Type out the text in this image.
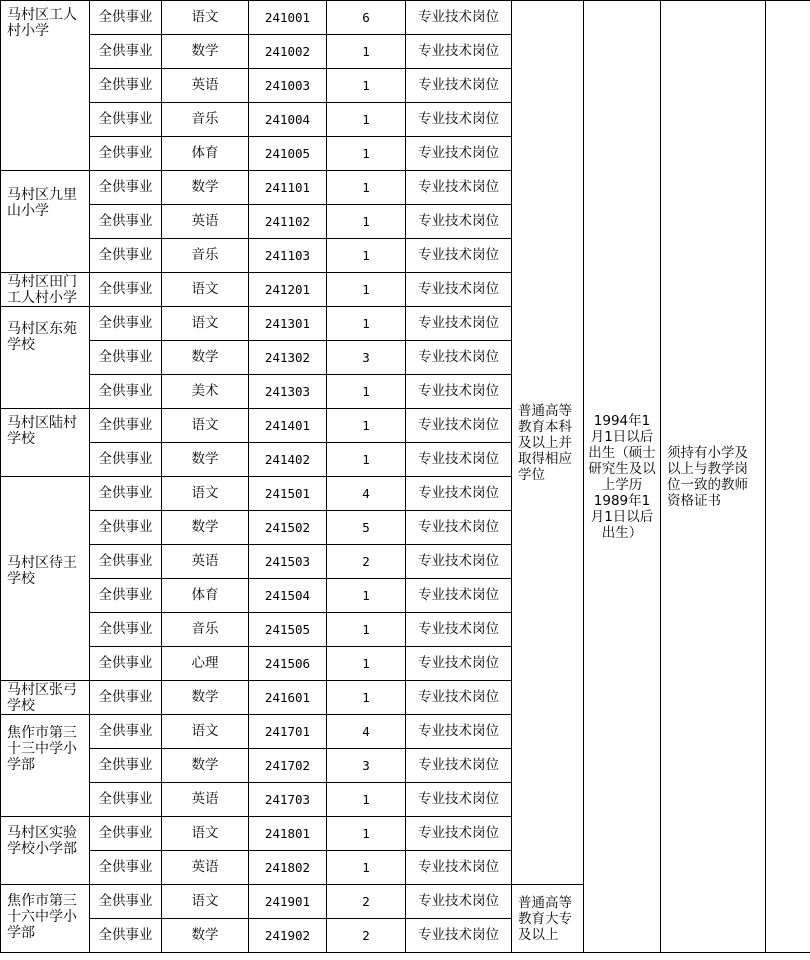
马村区工人村小学	全供事业	语文	241001	6	专业技术岗位	普通高等教育本科及以上并取得相应学位	1994年1月1日以后出生（硕士研究生及以上学历1989年1月1日以后出生）	须持有小学及以上与教学岗位一致的教师资格证书	
	全供事业	数学	241002	1	专业技术岗位				
	全供事业	英语	241003	1	专业技术岗位				
	全供事业	音乐	241004	1	专业技术岗位				
	全供事业	体育	241005	1	专业技术岗位				

马村区九里山小学	全供事业	数学	241101	1	专业技术岗位				
	全供事业	英语	241102	1	专业技术岗位				
	全供事业	音乐	241103	1	专业技术岗位				

马村区田门工人村小学	全供事业	语文	241201	1	专业技术岗位				

马村区东苑学校	全供事业	语文	241301	1	专业技术岗位				
	全供事业	数学	241302	3	专业技术岗位				
	全供事业	美术	241303	1	专业技术岗位				

马村区陆村学校	全供事业	语文	241401	1	专业技术岗位				
	全供事业	数学	241402	1	专业技术岗位				

马村区待王学校	全供事业	语文	241501	4	专业技术岗位				
	全供事业	数学	241502	5	专业技术岗位				
	全供事业	英语	241503	2	专业技术岗位				
	全供事业	体育	241504	1	专业技术岗位				
	全供事业	音乐	241505	1	专业技术岗位				
	全供事业	心理	241506	1	专业技术岗位				

马村区张弓学校	全供事业	数学	241601	1	专业技术岗位				

焦作市第三十三中学小学部	全供事业	语文	241701	4	专业技术岗位				
	全供事业	数学	241702	3	专业技术岗位				
	全供事业	英语	241703	1	专业技术岗位				

马村区实验学校小学部	全供事业	语文	241801	1	专业技术岗位				
	全供事业	英语	241802	1	专业技术岗位				

焦作市第三十六中学小学部	全供事业	语文	241901	2	专业技术岗位	普通高等教育大专及以上			
	全供事业	数学	241902	2	专业技术岗位				
